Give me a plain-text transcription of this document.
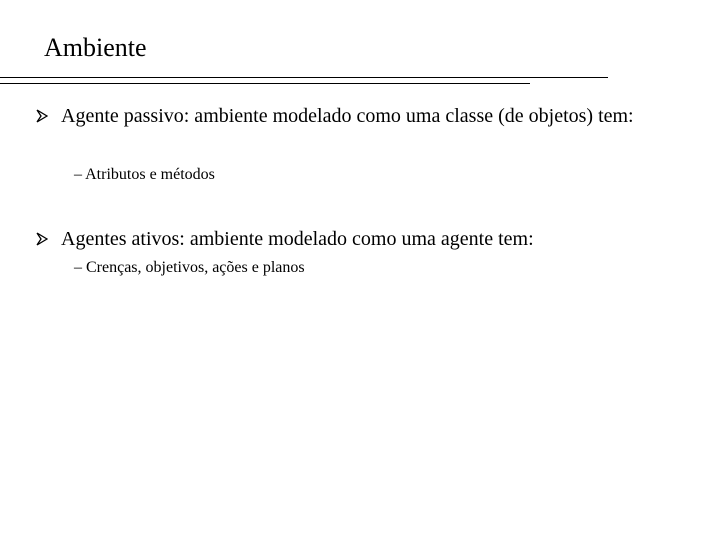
Ambiente
Agente passivo: ambiente modelado como uma classe (de objetos) tem:
– Atributos e métodos
Agentes ativos: ambiente modelado como uma agente tem:
– Crenças, objetivos, ações e planos
